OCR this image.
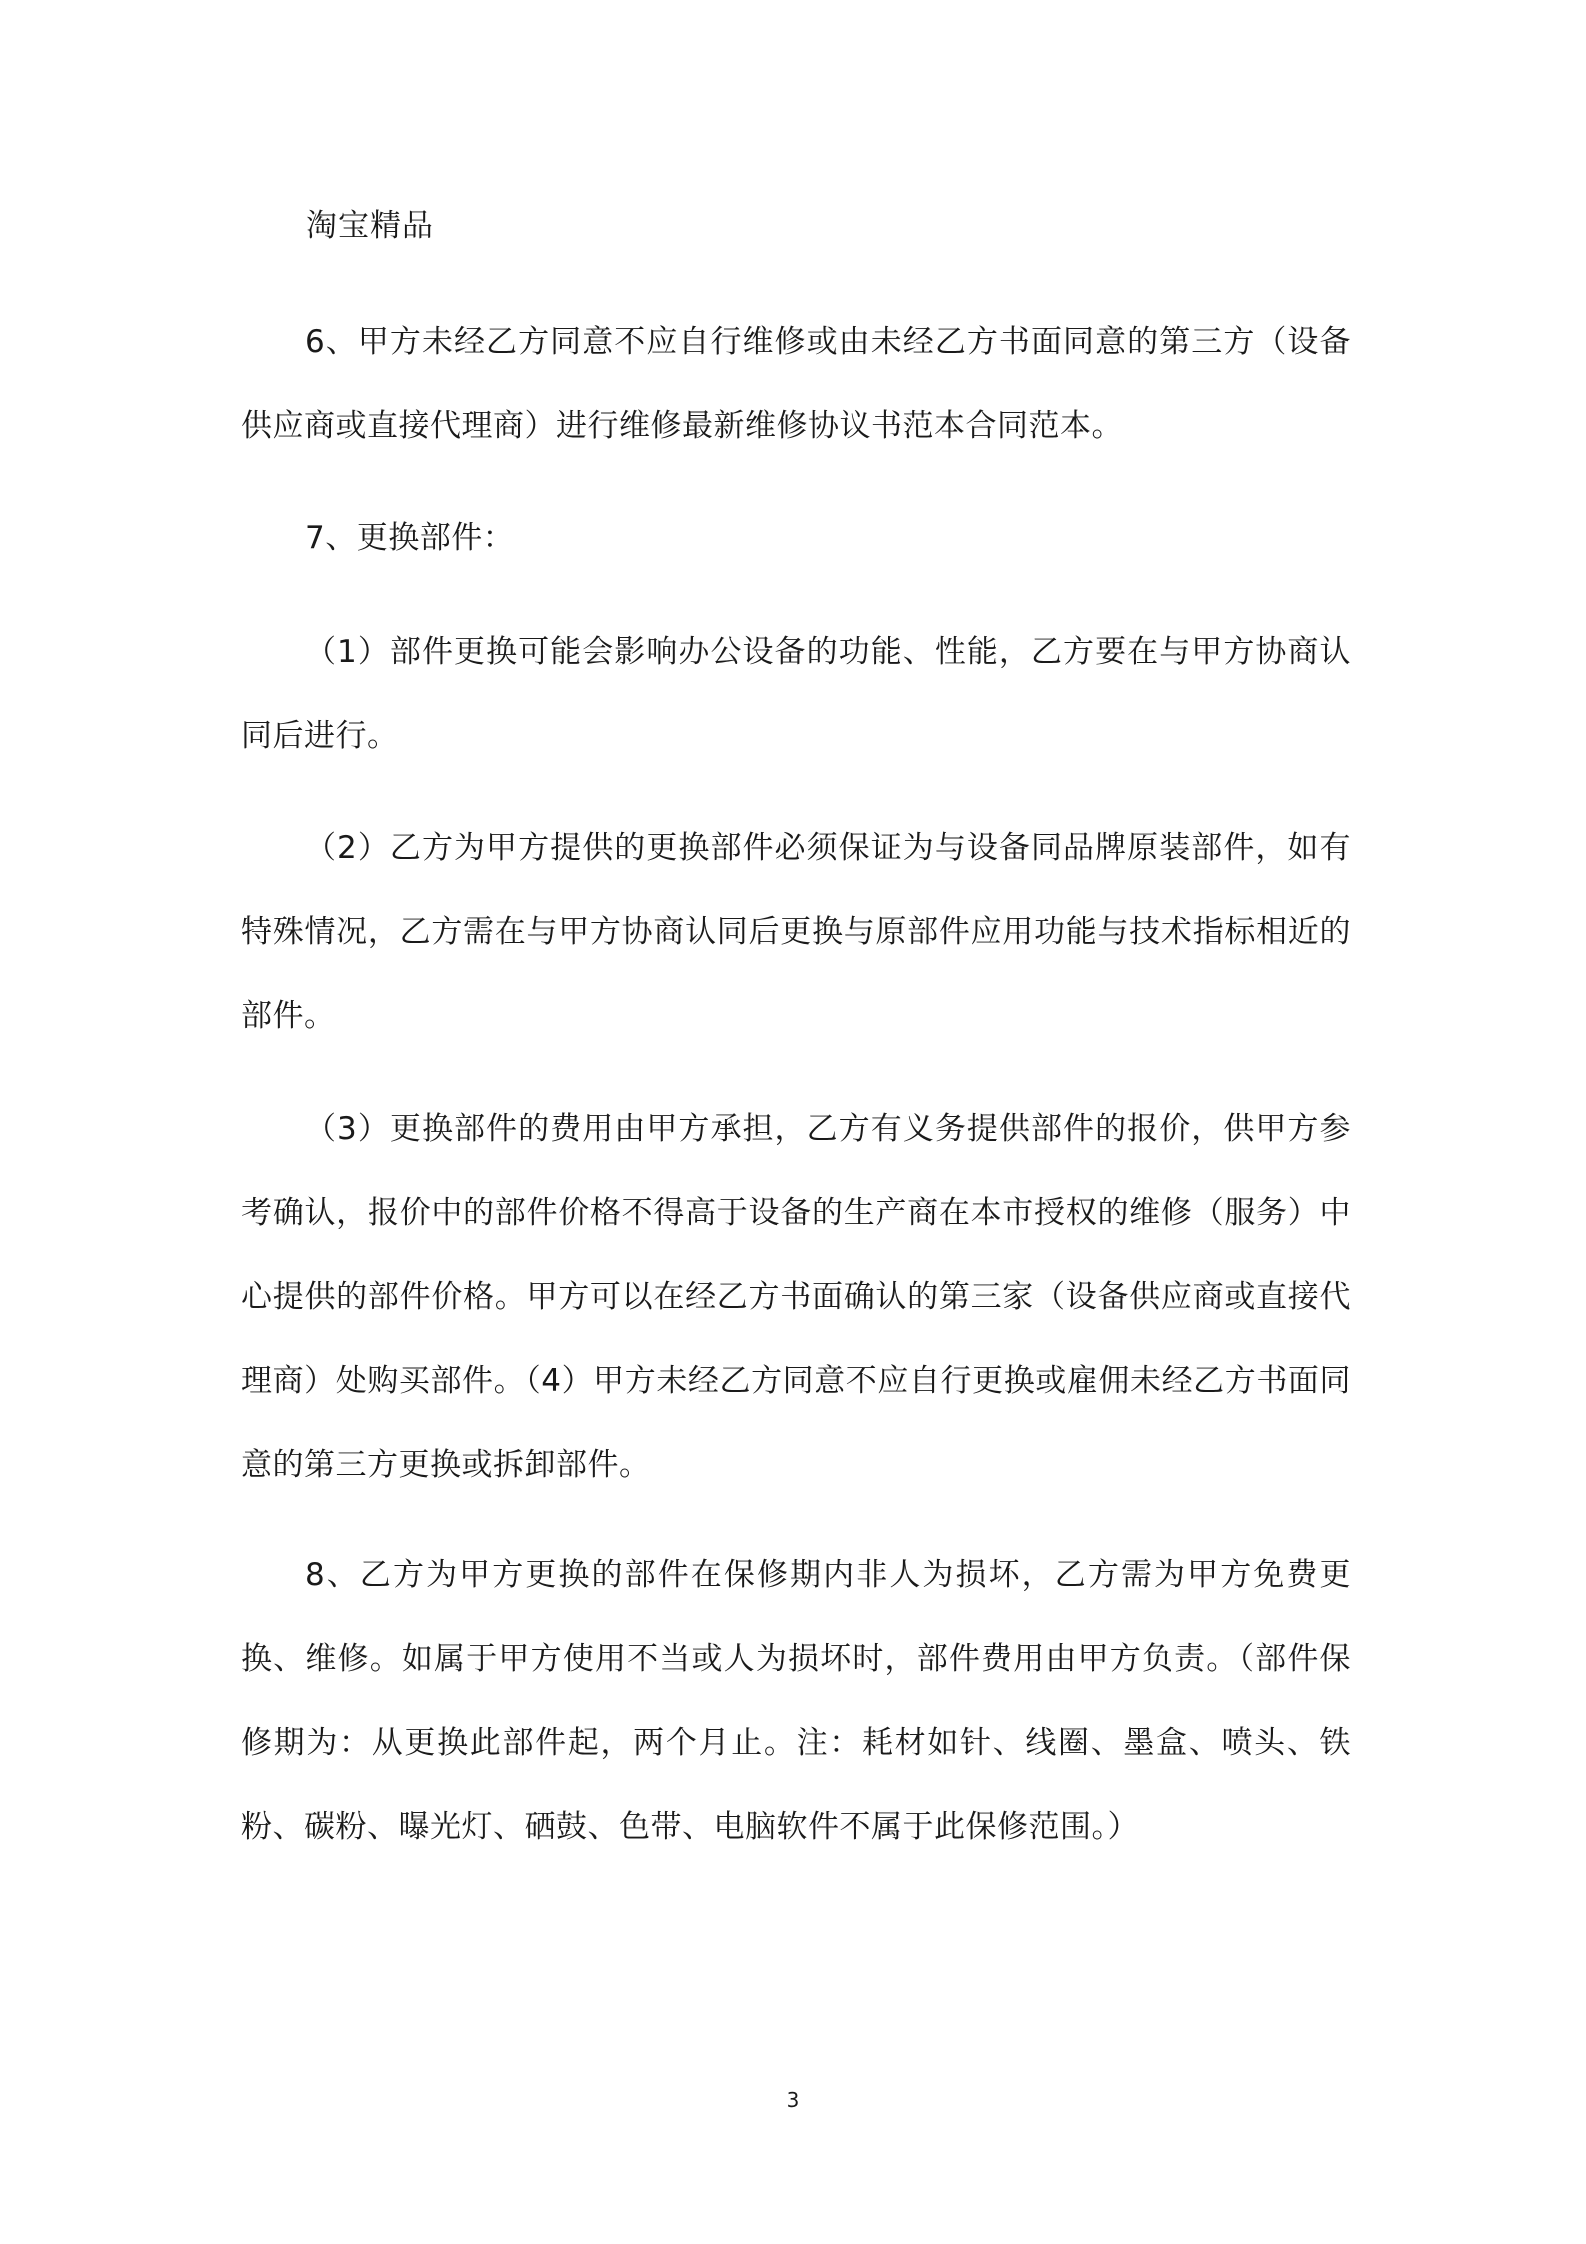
淘宝精品
6、甲方未经乙方同意不应自行维修或由未经乙方书面同意的第三方（设备供应商或直接代理商）进行维修最新维修协议书范本合同范本。
7、更换部件：
（1）部件更换可能会影响办公设备的功能、性能，乙方要在与甲方协商认同后进行。
（2）乙方为甲方提供的更换部件必须保证为与设备同品牌原装部件，如有特殊情况，乙方需在与甲方协商认同后更换与原部件应用功能与技术指标相近的部件。
（3）更换部件的费用由甲方承担，乙方有义务提供部件的报价，供甲方参考确认，报价中的部件价格不得高于设备的生产商在本市授权的维修（服务）中心提供的部件价格。甲方可以在经乙方书面确认的第三家（设备供应商或直接代理商）处购买部件。（4）甲方未经乙方同意不应自行更换或雇佣未经乙方书面同意的第三方更换或拆卸部件。
8、乙方为甲方更换的部件在保修期内非人为损坏，乙方需为甲方免费更换、维修。如属于甲方使用不当或人为损坏时，部件费用由甲方负责。（部件保修期为：从更换此部件起，两个月止。注：耗材如针、线圈、墨盒、喷头、铁粉、碳粉、曝光灯、硒鼓、色带、电脑软件不属于此保修范围。）
3
